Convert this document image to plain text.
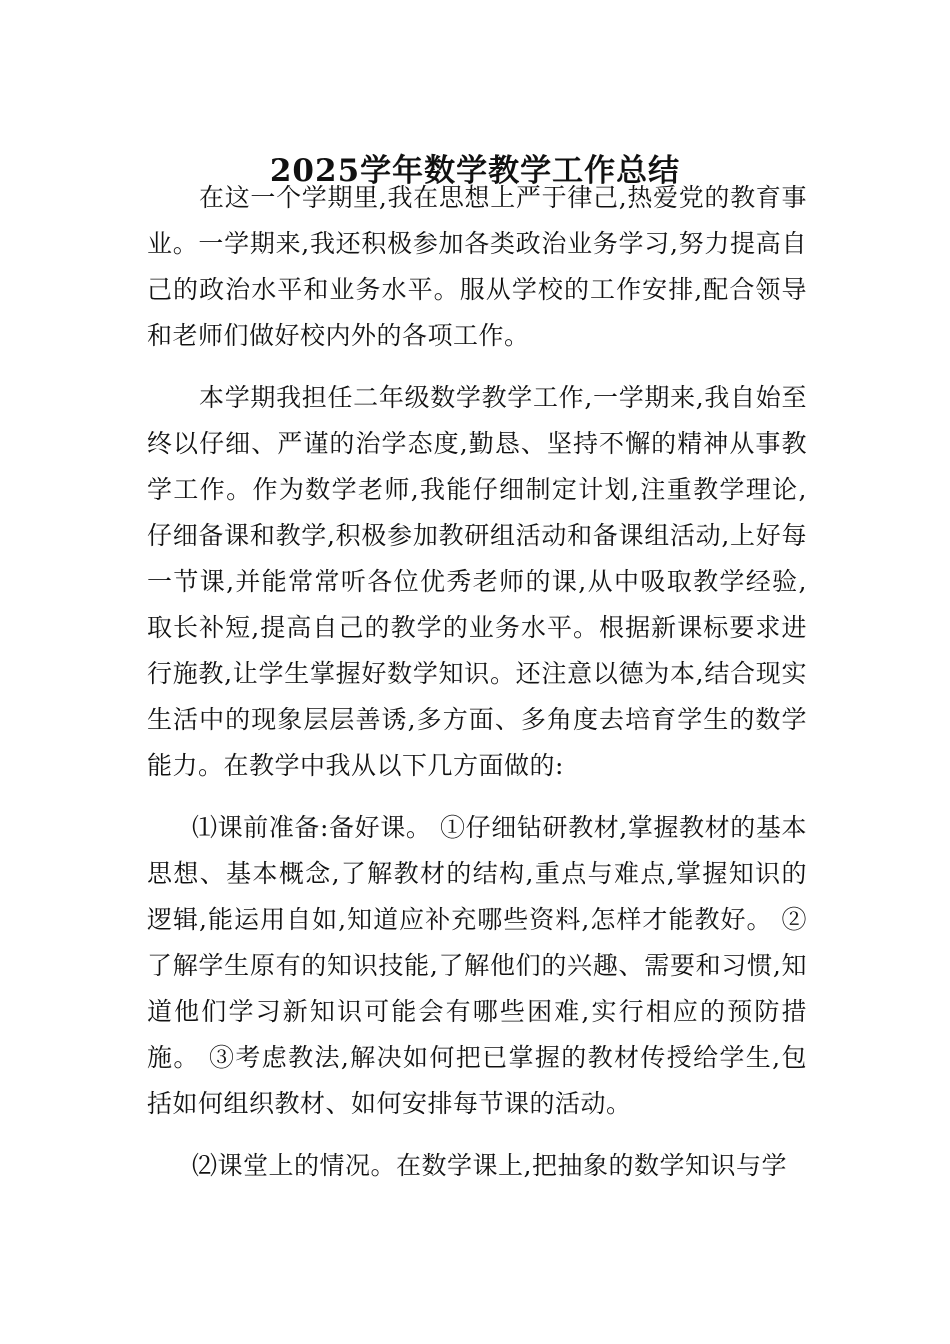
2025学年数学教学工作总结

在这一个学期里,我在思想上严于律己,热爱党的教育事业。一学期来,我还积极参加各类政治业务学习,努力提高自己的政治水平和业务水平。服从学校的工作安排,配合领导和老师们做好校内外的各项工作。

本学期我担任二年级数学教学工作,一学期来,我自始至终以仔细、严谨的治学态度,勤恳、坚持不懈的精神从事教学工作。作为数学老师,我能仔细制定计划,注重教学理论,仔细备课和教学,积极参加教研组活动和备课组活动,上好每一节课,并能常常听各位优秀老师的课,从中吸取教学经验,取长补短,提高自己的教学的业务水平。根据新课标要求进行施教,让学生掌握好数学知识。还注意以德为本,结合现实生活中的现象层层善诱,多方面、多角度去培育学生的数学能力。在教学中我从以下几方面做的:

⑴课前准备:备好课。 ①仔细钻研教材,掌握教材的基本思想、基本概念,了解教材的结构,重点与难点,掌握知识的逻辑,能运用自如,知道应补充哪些资料,怎样才能教好。 ②了解学生原有的知识技能,了解他们的兴趣、需要和习惯,知道他们学习新知识可能会有哪些困难,实行相应的预防措施。 ③考虑教法,解决如何把已掌握的教材传授给学生,包括如何组织教材、如何安排每节课的活动。

⑵课堂上的情况。在数学课上,把抽象的数学知识与学
